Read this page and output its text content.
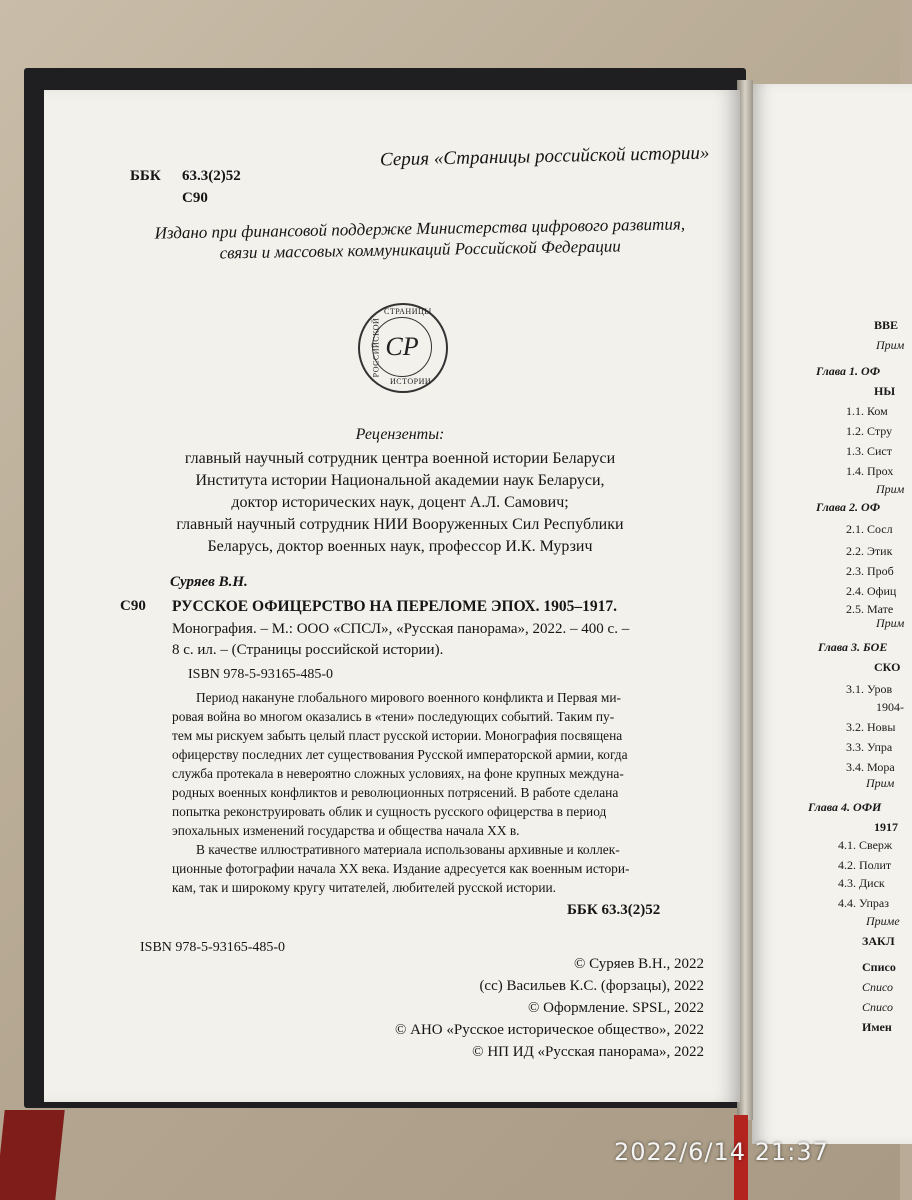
Серия «Страницы российской истории»
ББК 63.3(2)52
С90
Издано при финансовой поддержке Министерства цифрового развития,
связи и массовых коммуникаций Российской Федерации
СТРАНИЦЫ
РОССИЙСКОЙ
ИСТОРИИ
СР
Рецензенты:
главный научный сотрудник центра военной истории Беларуси
Института истории Национальной академии наук Беларуси,
доктор исторических наук, доцент А.Л. Самович;
главный научный сотрудник НИИ Вооруженных Сил Республики
Беларусь, доктор военных наук, профессор И.К. Мурзич
Суряев В.Н.
С90 РУССКОЕ ОФИЦЕРСТВО НА ПЕРЕЛОМЕ ЭПОХ. 1905–1917.
Монография. – М.: ООО «СПСЛ», «Русская панорама», 2022. – 400 с. –
8 с. ил. – (Страницы российской истории).
ISBN 978-5-93165-485-0
Период накануне глобального мирового военного конфликта и Первая ми-
ровая война во многом оказались в «тени» последующих событий. Таким пу-
тем мы рискуем забыть целый пласт русской истории. Монография посвящена
офицерству последних лет существования Русской императорской армии, когда
служба протекала в невероятно сложных условиях, на фоне крупных междуна-
родных военных конфликтов и революционных потрясений. В работе сделана
попытка реконструировать облик и сущность русского офицерства в период
эпохальных изменений государства и общества начала XX в.
В качестве иллюстративного материала использованы архивные и коллек-
ционные фотографии начала XX века. Издание адресуется как военным истори-
кам, так и широкому кругу читателей, любителей русской истории.
ББК 63.3(2)52
ISBN 978-5-93165-485-0
© Суряев В.Н., 2022
(cc) Васильев К.С. (форзацы), 2022
© Оформление. SPSL, 2022
© АНО «Русское историческое общество», 2022
© НП ИД «Русская панорама», 2022
ВВЕ
Прим
Глава 1. ОФ
НЫ
1.1. Ком
1.2. Стру
1.3. Сист
1.4. Прох
Прим
Глава 2. ОФ
2.1. Сосл
2.2. Этик
2.3. Проб
2.4. Офиц
2.5. Мате
Прим
Глава 3. БОЕ
СКО
3.1. Уров
1904-
3.2. Новы
3.3. Упра
3.4. Мора
Прим
Глава 4. ОФИ
1917
4.1. Сверж
4.2. Полит
4.3. Диск
4.4. Упраз
Приме
ЗАКЛ
Списо
Списо
Списо
Имен
2022/6/14 21:37
